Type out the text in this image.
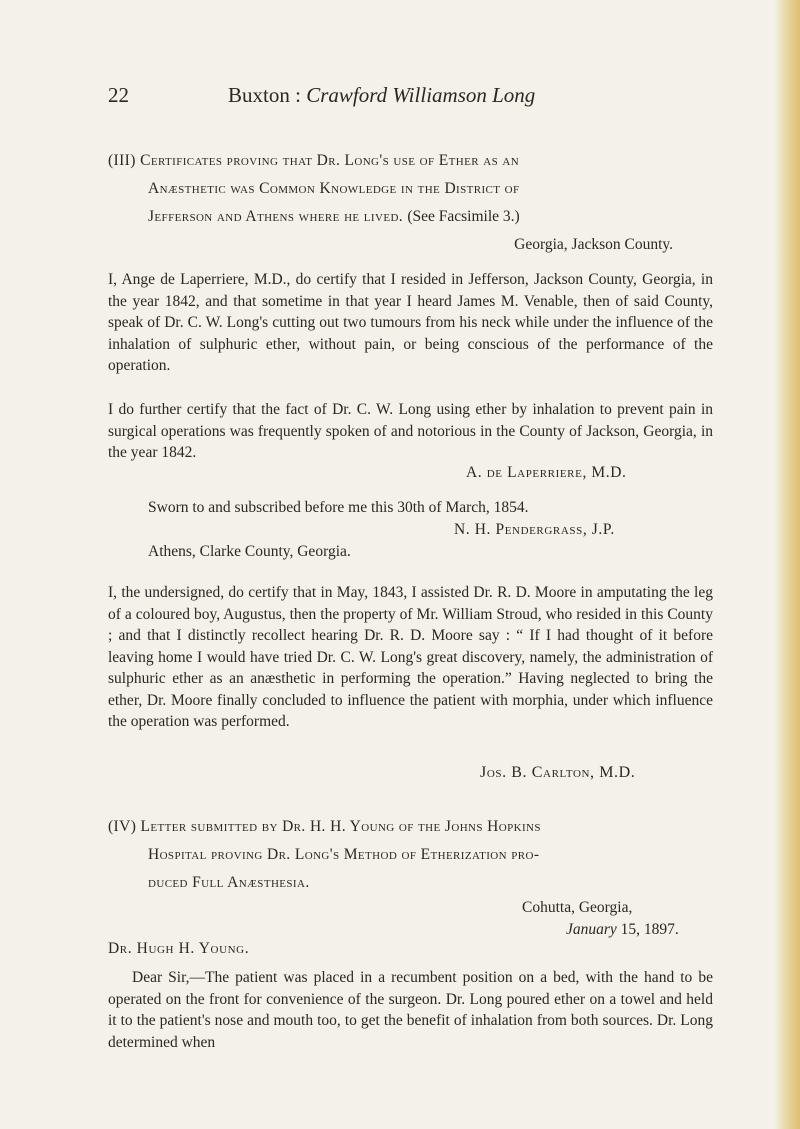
22	Buxton : Crawford Williamson Long
(III) Certificates proving that Dr. Long's use of Ether as an
Anæsthetic was Common Knowledge in the District of
Jefferson and Athens where he lived. (See Facsimile 3.)
Georgia, Jackson County.

I, Ange de Laperriere, M.D., do certify that I resided in Jefferson, Jackson County, Georgia, in the year 1842, and that sometime in that year I heard James M. Venable, then of said County, speak of Dr. C. W. Long's cutting out two tumours from his neck while under the influence of the inhalation of sulphuric ether, without pain, or being conscious of the performance of the operation.

I do further certify that the fact of Dr. C. W. Long using ether by inhalation to prevent pain in surgical operations was frequently spoken of and notorious in the County of Jackson, Georgia, in the year 1842.

A. de Laperriere, M.D.
Sworn to and subscribed before me this 30th of March, 1854.
N. H. Pendergrass, J.P.
Athens, Clarke County, Georgia.

I, the undersigned, do certify that in May, 1843, I assisted Dr. R. D. Moore in amputating the leg of a coloured boy, Augustus, then the property of Mr. William Stroud, who resided in this County ; and that I distinctly recollect hearing Dr. R. D. Moore say : “ If I had thought of it before leaving home I would have tried Dr. C. W. Long's great discovery, namely, the administration of sulphuric ether as an anæsthetic in performing the operation.” Having neglected to bring the ether, Dr. Moore finally concluded to influence the patient with morphia, under which influence the operation was performed.

Jos. B. Carlton, M.D.
(IV) Letter submitted by Dr. H. H. Young of the Johns Hopkins
Hospital proving Dr. Long's Method of Etherization pro-
duced Full Anæsthesia.
Cohutta, Georgia,
January 15, 1897.
Dr. Hugh H. Young.

Dear Sir,—The patient was placed in a recumbent position on a bed, with the hand to be operated on the front for convenience of the surgeon. Dr. Long poured ether on a towel and held it to the patient's nose and mouth too, to get the benefit of inhalation from both sources. Dr. Long determined when
